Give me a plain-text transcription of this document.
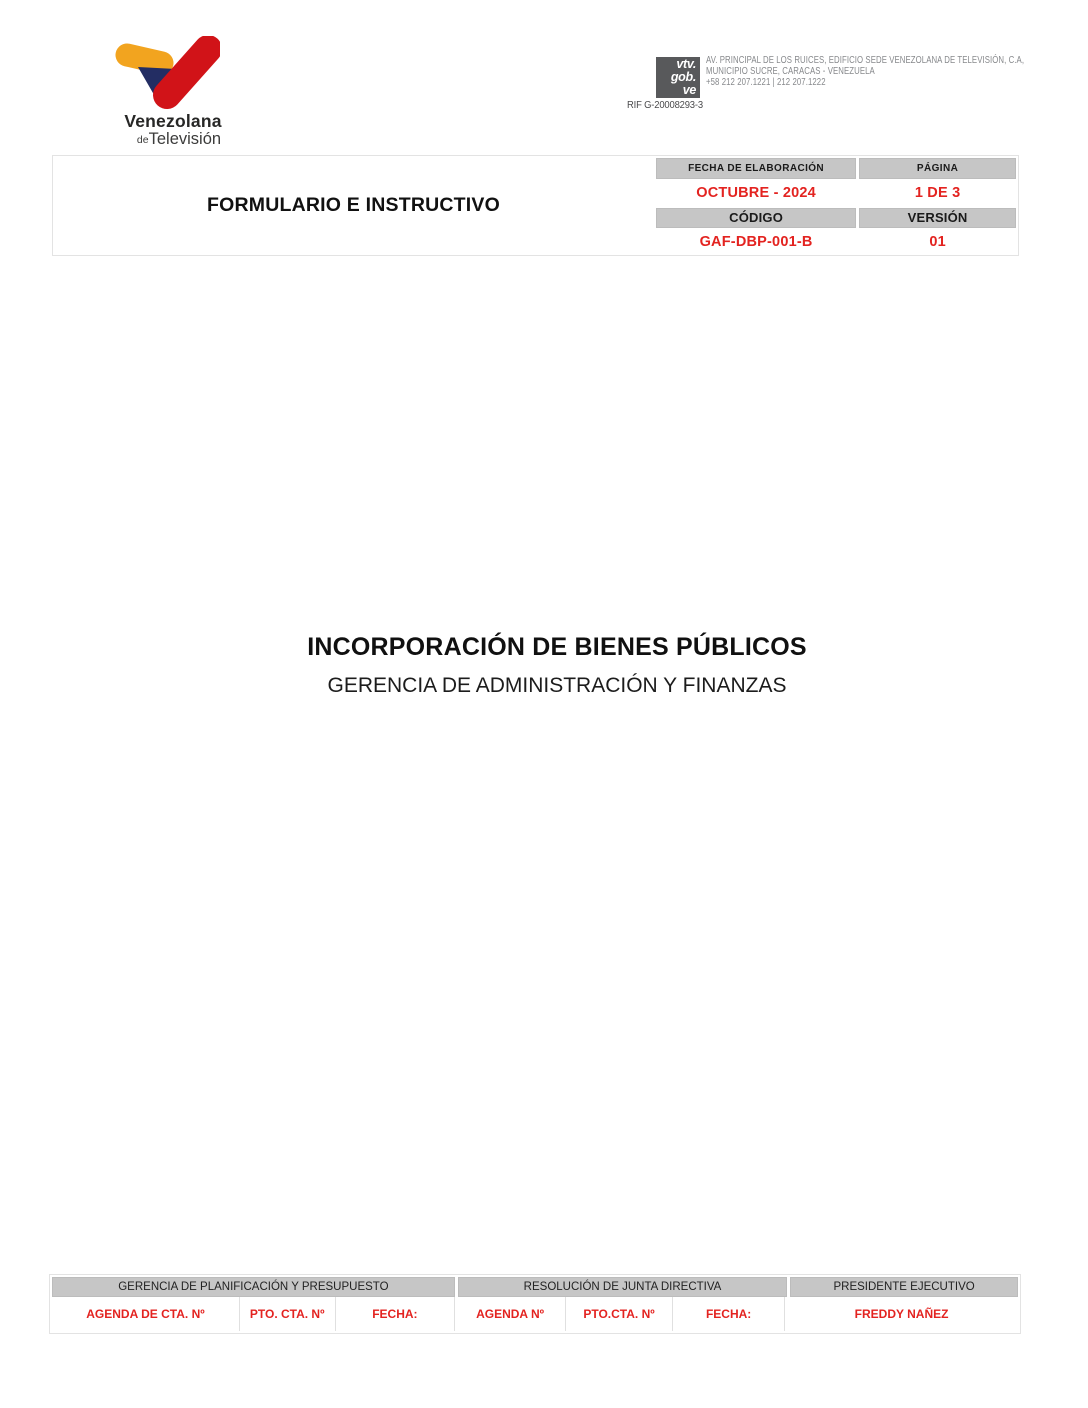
Venezolana
deTelevisión
vtv.
gob.
ve
RIF G-20008293-3
AV. PRINCIPAL DE LOS RUICES, EDIFICIO SEDE VENEZOLANA DE TELEVISIÓN, C.A,
MUNICIPIO SUCRE, CARACAS - VENEZUELA
+58 212 207.1221 | 212 207.1222
FORMULARIO E INSTRUCTIVO
FECHA DE ELABORACIÓN	PÁGINA
OCTUBRE - 2024	1 DE 3
CÓDIGO	VERSIÓN
GAF-DBP-001-B	01
INCORPORACIÓN DE BIENES PÚBLICOS
GERENCIA DE ADMINISTRACIÓN Y FINANZAS
GERENCIA DE PLANIFICACIÓN Y PRESUPUESTO	RESOLUCIÓN DE JUNTA DIRECTIVA	PRESIDENTE EJECUTIVO
AGENDA DE CTA. Nº	PTO. CTA. Nº	FECHA:	AGENDA Nº	PTO.CTA. Nº	FECHA:	FREDDY NAÑEZ
